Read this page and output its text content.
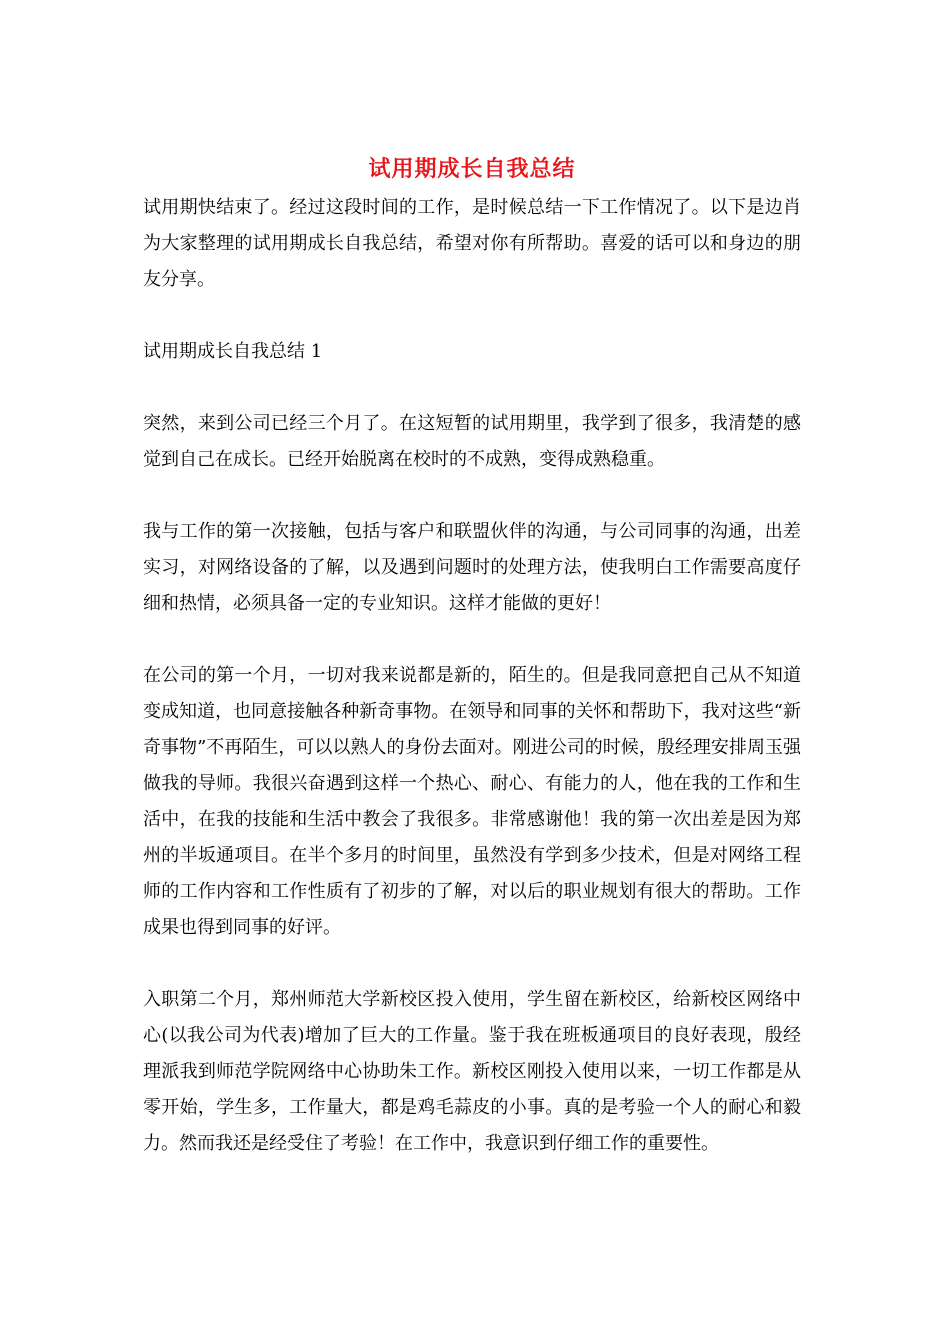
试用期成长自我总结

试用期快结束了。经过这段时间的工作，是时候总结一下工作情况了。以下是边肖为大家整理的试用期成长自我总结，希望对你有所帮助。喜爱的话可以和身边的朋友分享。

试用期成长自我总结 1

突然，来到公司已经三个月了。在这短暂的试用期里，我学到了很多，我清楚的感觉到自己在成长。已经开始脱离在校时的不成熟，变得成熟稳重。

我与工作的第一次接触，包括与客户和联盟伙伴的沟通，与公司同事的沟通，出差实习，对网络设备的了解，以及遇到问题时的处理方法，使我明白工作需要高度仔细和热情，必须具备一定的专业知识。这样才能做的更好！

在公司的第一个月，一切对我来说都是新的，陌生的。但是我同意把自己从不知道变成知道，也同意接触各种新奇事物。在领导和同事的关怀和帮助下，我对这些“新奇事物”不再陌生，可以以熟人的身份去面对。刚进公司的时候，殷经理安排周玉强做我的导师。我很兴奋遇到这样一个热心、耐心、有能力的人，他在我的工作和生活中，在我的技能和生活中教会了我很多。非常感谢他！我的第一次出差是因为郑州的半坂通项目。在半个多月的时间里，虽然没有学到多少技术，但是对网络工程师的工作内容和工作性质有了初步的了解，对以后的职业规划有很大的帮助。工作成果也得到同事的好评。

入职第二个月，郑州师范大学新校区投入使用，学生留在新校区，给新校区网络中心(以我公司为代表)增加了巨大的工作量。鉴于我在班板通项目的良好表现，殷经理派我到师范学院网络中心协助朱工作。新校区刚投入使用以来，一切工作都是从零开始，学生多，工作量大，都是鸡毛蒜皮的小事。真的是考验一个人的耐心和毅力。然而我还是经受住了考验！在工作中，我意识到仔细工作的重要性。
